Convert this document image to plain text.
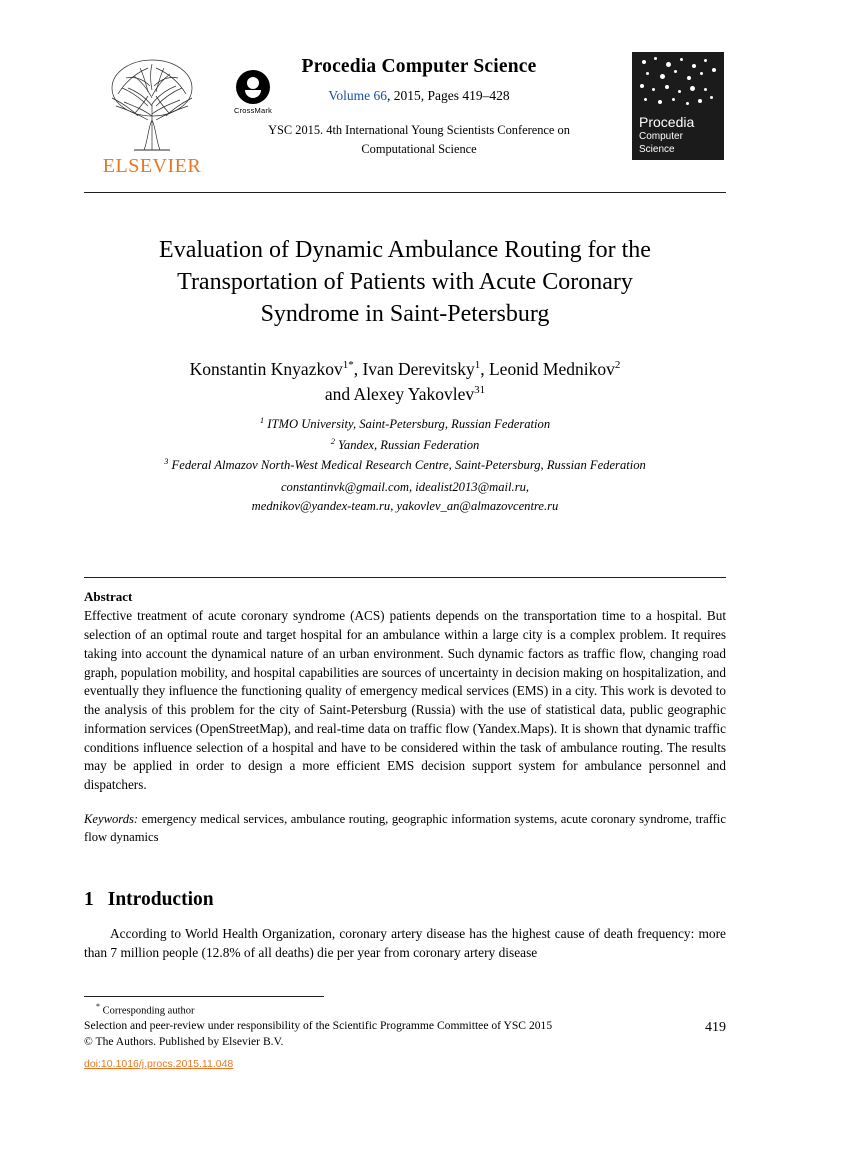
ELSEVIER
CrossMark
Procedia Computer Science
Volume 66, 2015, Pages 419–428
YSC 2015. 4th International Young Scientists Conference on
Computational Science
Procedia
Computer
Science
Evaluation of Dynamic Ambulance Routing for the
Transportation of Patients with Acute Coronary
Syndrome in Saint-Petersburg
Konstantin Knyazkov$^{1*}$, Ivan Derevitsky$^1$, Leonid Mednikov$^2$
and Alexey Yakovlev$^{31}$
$^1$ ITMO University, Saint-Petersburg, Russian Federation
$^2$ Yandex, Russian Federation
$^3$ Federal Almazov North-West Medical Research Centre, Saint-Petersburg, Russian Federation
constantinvk@gmail.com, idealist2013@mail.ru,
mednikov@yandex-team.ru, yakovlev_an@almazovcentre.ru
Abstract
Effective treatment of acute coronary syndrome (ACS) patients depends on the transportation time to a hospital. But selection of an optimal route and target hospital for an ambulance within a large city is a complex problem. It requires taking into account the dynamical nature of an urban environment. Such dynamic factors as traffic flow, changing road graph, population mobility, and hospital capabilities are sources of uncertainty in decision making on hospitalization, and eventually they influence the functioning quality of emergency medical services (EMS) in a city. This work is devoted to the analysis of this problem for the city of Saint-Petersburg (Russia) with the use of statistical data, public geographic information services (OpenStreetMap), and real-time data on traffic flow (Yandex.Maps). It is shown that dynamic traffic conditions influence selection of a hospital and have to be considered within the task of ambulance routing. The results may be applied in order to design a more efficient EMS decision support system for ambulance personnel and dispatchers.
Keywords: emergency medical services, ambulance routing, geographic information systems, acute coronary syndrome, traffic flow dynamics
1 Introduction
According to World Health Organization, coronary artery disease has the highest cause of death frequency: more than 7 million people (12.8% of all deaths) die per year from coronary artery disease
* Corresponding author
Selection and peer-review under responsibility of the Scientific Programme Committee of YSC 2015
© The Authors. Published by Elsevier B.V.
doi:10.1016/j.procs.2015.11.048
419
